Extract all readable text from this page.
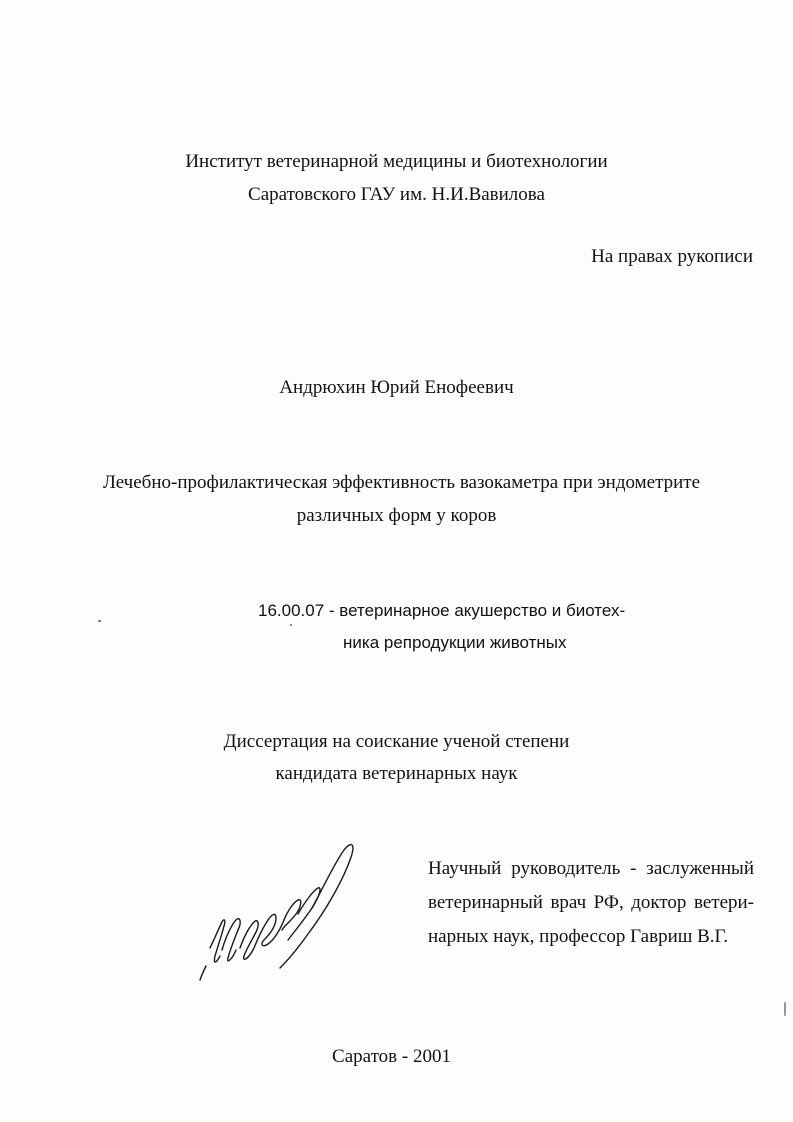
Институт ветеринарной медицины и биотехнологии
Саратовского ГАУ им. Н.И.Вавилова
На правах рукописи
Андрюхин Юрий Енофеевич
Лечебно-профилактическая эффективность вазокаметра при эндометрите
различных форм у коров
16.00.07 - ветеринарное акушерство и биотех-
ника репродукции животных
Диссертация на соискание ученой степени
кандидата ветеринарных наук
Научный руководитель - заслуженный
ветеринарный врач РФ, доктор ветери-
нарных наук, профессор Гавриш В.Г.
Саратов - 2001
